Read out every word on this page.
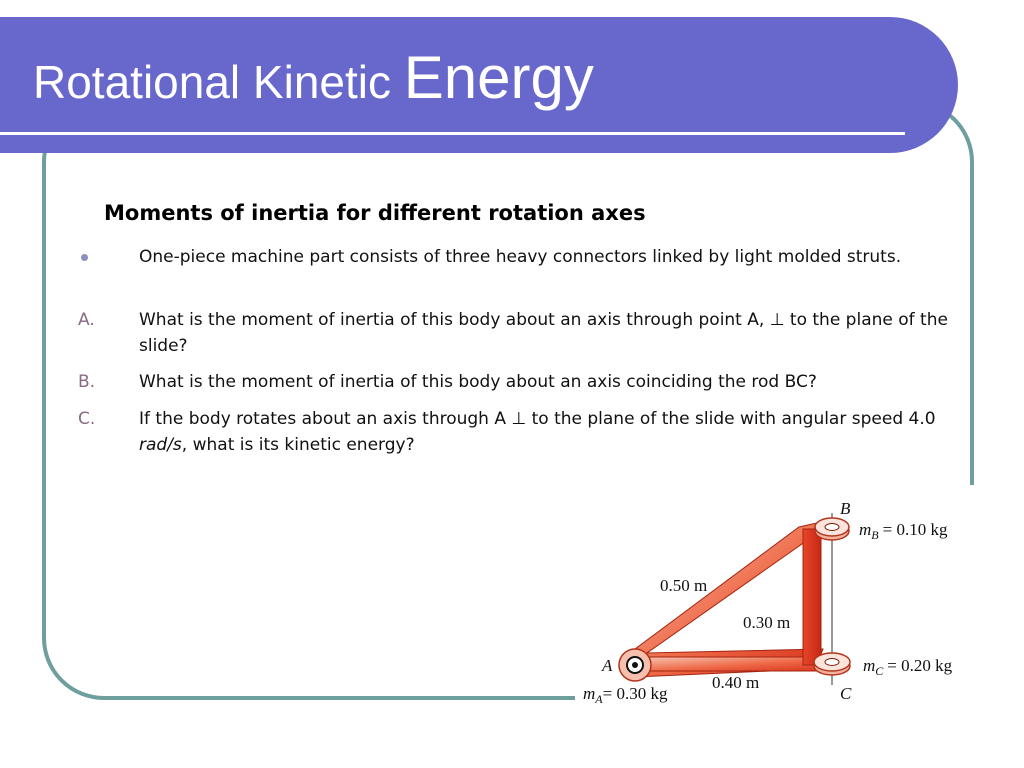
Rotational Kinetic Energy
Moments of inertia for different rotation axes
One-piece machine part consists of three heavy connectors linked by light molded struts.
A.	What is the moment of inertia of this body about an axis through point A, ⊥ to the plane of the slide?
B.	What is the moment of inertia of this body about an axis coinciding the rod BC?
C.	If the body rotates about an axis through A ⊥ to the plane of the slide with angular speed 4.0 rad/s, what is its kinetic energy?
B
$m_B = 0.10$ kg
0.50 m
0.30 m
A	$m_C = 0.20$ kg
0.40 m
$m_A= 0.30$ kg	C
